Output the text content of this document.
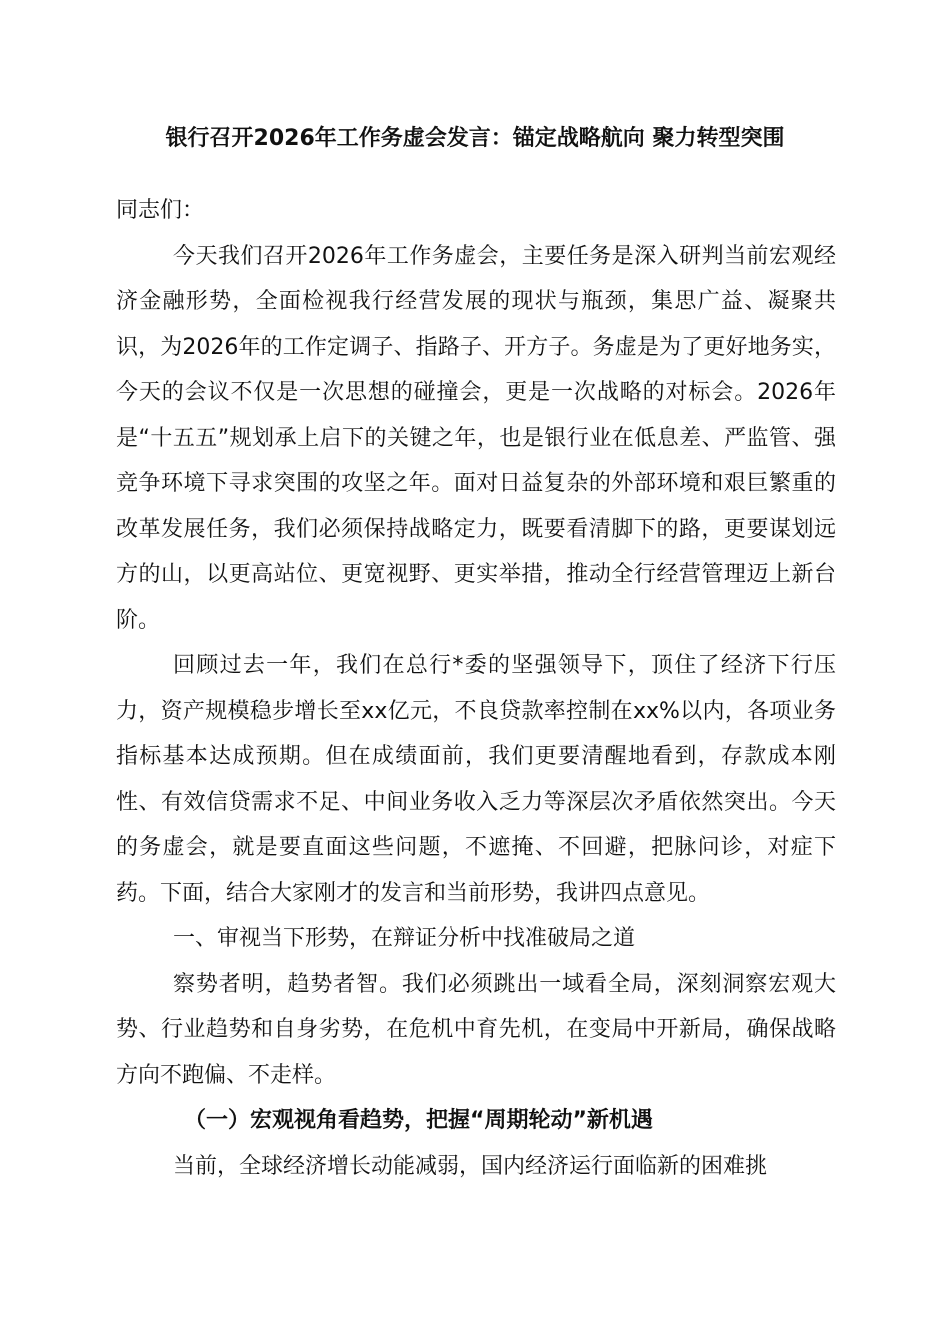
银行召开2026年工作务虚会发言：锚定战略航向 聚力转型突围

同志们：

今天我们召开2026年工作务虚会，主要任务是深入研判当前宏观经济金融形势，全面检视我行经营发展的现状与瓶颈，集思广益、凝聚共识，为2026年的工作定调子、指路子、开方子。务虚是为了更好地务实，今天的会议不仅是一次思想的碰撞会，更是一次战略的对标会。2026年是“十五五”规划承上启下的关键之年，也是银行业在低息差、严监管、强竞争环境下寻求突围的攻坚之年。面对日益复杂的外部环境和艰巨繁重的改革发展任务，我们必须保持战略定力，既要看清脚下的路，更要谋划远方的山，以更高站位、更宽视野、更实举措，推动全行经营管理迈上新台阶。

回顾过去一年，我们在总行*委的坚强领导下，顶住了经济下行压力，资产规模稳步增长至xx亿元，不良贷款率控制在xx%以内，各项业务指标基本达成预期。但在成绩面前，我们更要清醒地看到，存款成本刚性、有效信贷需求不足、中间业务收入乏力等深层次矛盾依然突出。今天的务虚会，就是要直面这些问题，不遮掩、不回避，把脉问诊，对症下药。下面，结合大家刚才的发言和当前形势，我讲四点意见。

一、审视当下形势，在辩证分析中找准破局之道

察势者明，趋势者智。我们必须跳出一域看全局，深刻洞察宏观大势、行业趋势和自身劣势，在危机中育先机，在变局中开新局，确保战略方向不跑偏、不走样。

（一）宏观视角看趋势，把握“周期轮动”新机遇

当前，全球经济增长动能减弱，国内经济运行面临新的困难挑
